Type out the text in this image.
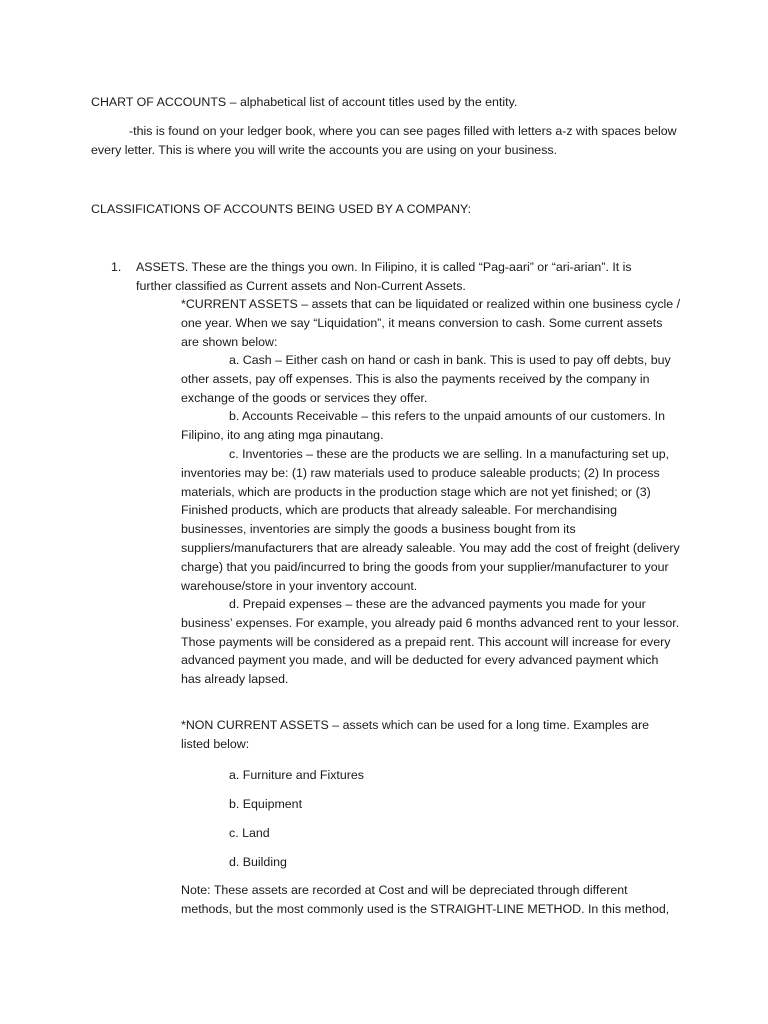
CHART OF ACCOUNTS – alphabetical list of account titles used by the entity.

-this is found on your ledger book, where you can see pages filled with letters a-z with spaces below every letter. This is where you will write the accounts you are using on your business.

CLASSIFICATIONS OF ACCOUNTS BEING USED BY A COMPANY:

1. ASSETS. These are the things you own. In Filipino, it is called “Pag-aari” or “ari-arian”. It is further classified as Current assets and Non-Current Assets.

*CURRENT ASSETS – assets that can be liquidated or realized within one business cycle / one year. When we say “Liquidation”, it means conversion to cash. Some current assets are shown below:

a. Cash – Either cash on hand or cash in bank. This is used to pay off debts, buy other assets, pay off expenses. This is also the payments received by the company in exchange of the goods or services they offer.

b. Accounts Receivable – this refers to the unpaid amounts of our customers. In Filipino, ito ang ating mga pinautang.

c. Inventories – these are the products we are selling. In a manufacturing set up, inventories may be: (1) raw materials used to produce saleable products; (2) In process materials, which are products in the production stage which are not yet finished; or (3) Finished products, which are products that already saleable. For merchandising businesses, inventories are simply the goods a business bought from its suppliers/manufacturers that are already saleable. You may add the cost of freight (delivery charge) that you paid/incurred to bring the goods from your supplier/manufacturer to your warehouse/store in your inventory account.

d. Prepaid expenses – these are the advanced payments you made for your business’ expenses. For example, you already paid 6 months advanced rent to your lessor. Those payments will be considered as a prepaid rent. This account will increase for every advanced payment you made, and will be deducted for every advanced payment which has already lapsed.

*NON CURRENT ASSETS – assets which can be used for a long time. Examples are listed below:

a. Furniture and Fixtures

b. Equipment

c. Land

d. Building

Note: These assets are recorded at Cost and will be depreciated through different methods, but the most commonly used is the STRAIGHT-LINE METHOD. In this method,
